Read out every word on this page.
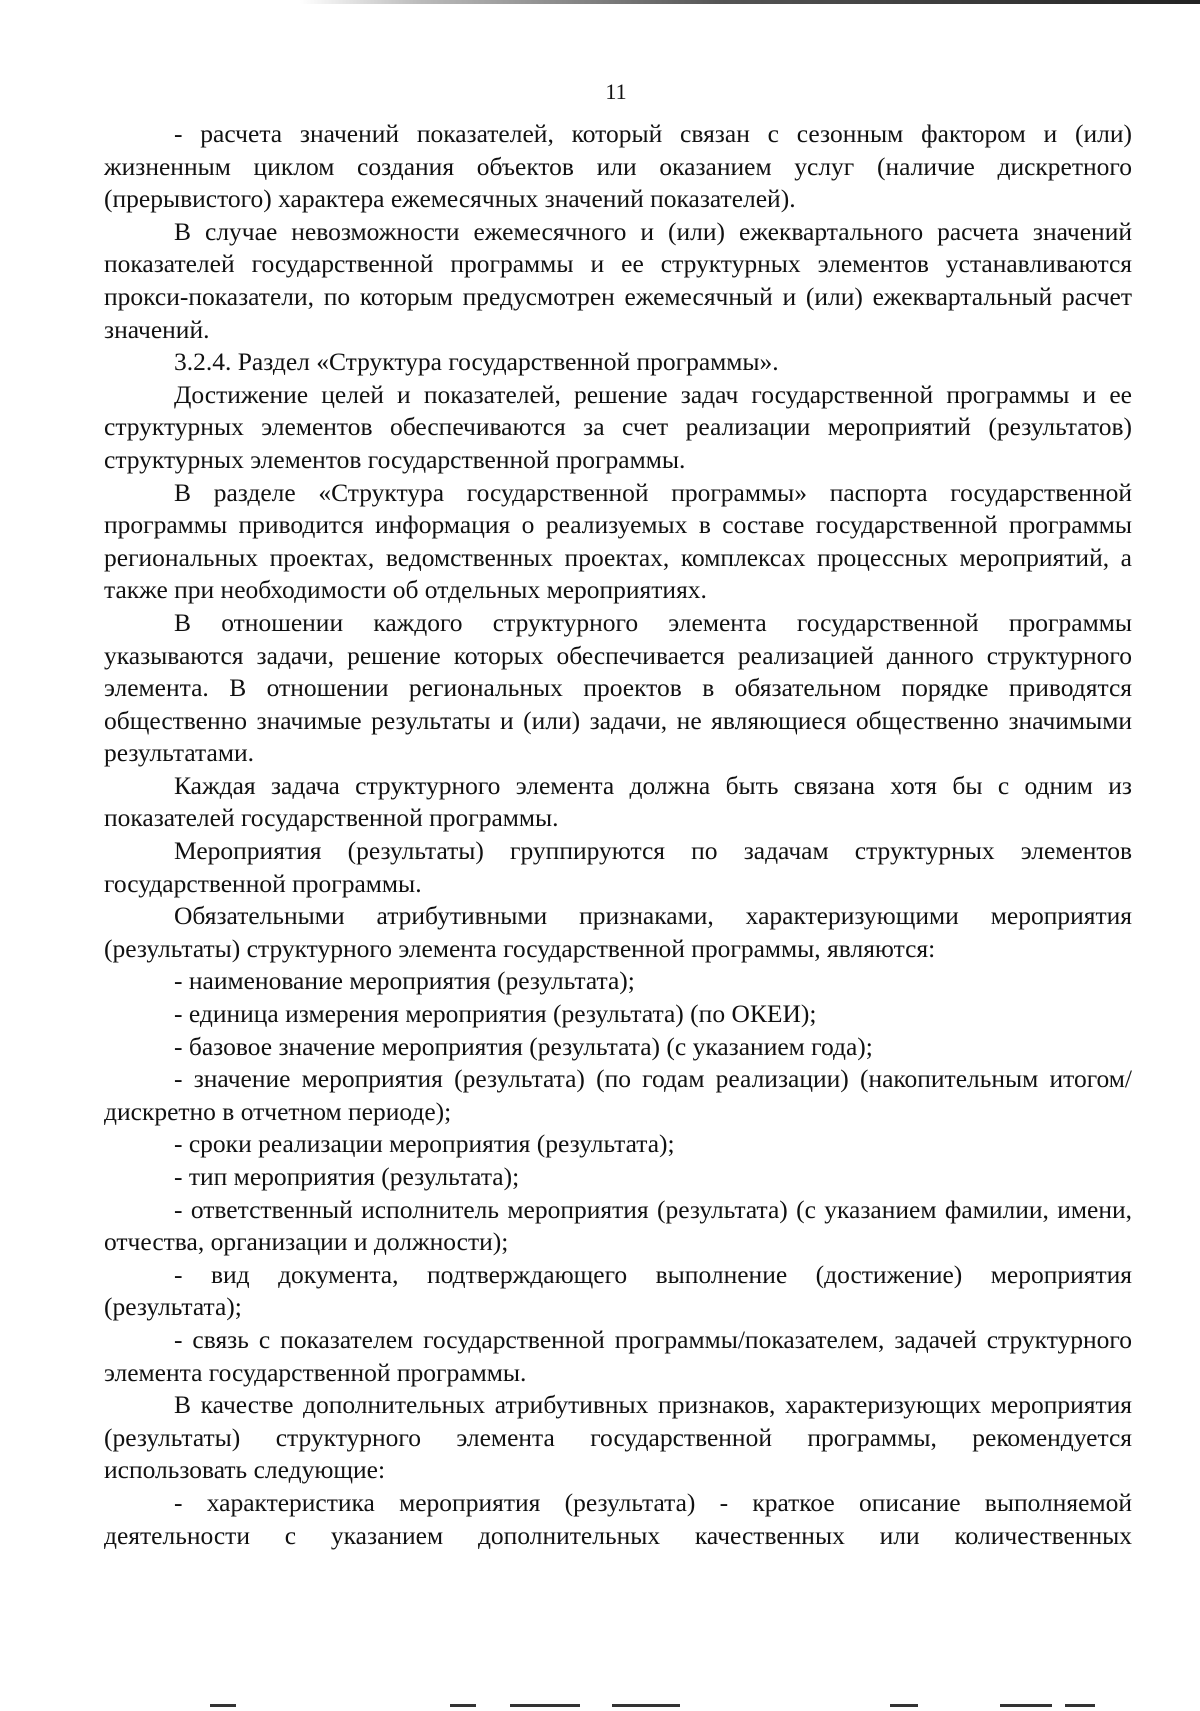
11

- расчета значений показателей, который связан с сезонным фактором и (или) жизненным циклом создания объектов или оказанием услуг (наличие дискретного (прерывистого) характера ежемесячных значений показателей).

В случае невозможности ежемесячного и (или) ежеквартального расчета значений показателей государственной программы и ее структурных элементов устанавливаются прокси-показатели, по которым предусмотрен ежемесячный и (или) ежеквартальный расчет значений.

3.2.4. Раздел «Структура государственной программы».

Достижение целей и показателей, решение задач государственной программы и ее структурных элементов обеспечиваются за счет реализации мероприятий (результатов) структурных элементов государственной программы.

В разделе «Структура государственной программы» паспорта государственной программы приводится информация о реализуемых в составе государственной программы региональных проектах, ведомственных проектах, комплексах процессных мероприятий, а также при необходимости об отдельных мероприятиях.

В отношении каждого структурного элемента государственной программы указываются задачи, решение которых обеспечивается реализацией данного структурного элемента. В отношении региональных проектов в обязательном порядке приводятся общественно значимые результаты и (или) задачи, не являющиеся общественно значимыми результатами.

Каждая задача структурного элемента должна быть связана хотя бы с одним из показателей государственной программы.

Мероприятия (результаты) группируются по задачам структурных элементов государственной программы.

Обязательными атрибутивными признаками, характеризующими мероприятия (результаты) структурного элемента государственной программы, являются:

- наименование мероприятия (результата);

- единица измерения мероприятия (результата) (по ОКЕИ);

- базовое значение мероприятия (результата) (с указанием года);

- значение мероприятия (результата) (по годам реализации) (накопительным итогом/дискретно в отчетном периоде);

- сроки реализации мероприятия (результата);

- тип мероприятия (результата);

- ответственный исполнитель мероприятия (результата) (с указанием фамилии, имени, отчества, организации и должности);

- вид документа, подтверждающего выполнение (достижение) мероприятия (результата);

- связь с показателем государственной программы/показателем, задачей структурного элемента государственной программы.

В качестве дополнительных атрибутивных признаков, характеризующих мероприятия (результаты) структурного элемента государственной программы, рекомендуется использовать следующие:

- характеристика мероприятия (результата) - краткое описание выполняемой деятельности с указанием дополнительных качественных или количественных
